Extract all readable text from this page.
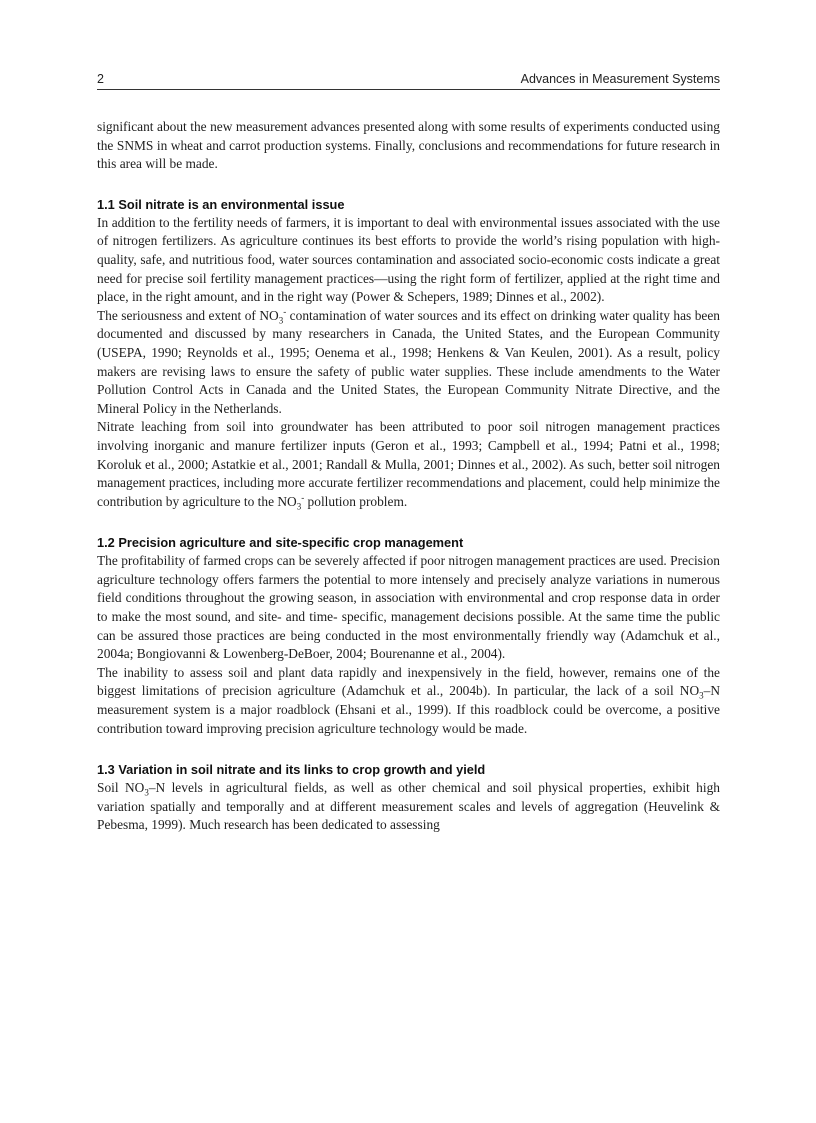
2	Advances in Measurement Systems

significant about the new measurement advances presented along with some results of experiments conducted using the SNMS in wheat and carrot production systems. Finally, conclusions and recommendations for future research in this area will be made.

1.1 Soil nitrate is an environmental issue

In addition to the fertility needs of farmers, it is important to deal with environmental issues associated with the use of nitrogen fertilizers. As agriculture continues its best efforts to provide the world’s rising population with high-quality, safe, and nutritious food, water sources contamination and associated socio-economic costs indicate a great need for precise soil fertility management practices—using the right form of fertilizer, applied at the right time and place, in the right amount, and in the right way (Power & Schepers, 1989; Dinnes et al., 2002).

The seriousness and extent of $NO_3^-$ contamination of water sources and its effect on drinking water quality has been documented and discussed by many researchers in Canada, the United States, and the European Community (USEPA, 1990; Reynolds et al., 1995; Oenema et al., 1998; Henkens & Van Keulen, 2001). As a result, policy makers are revising laws to ensure the safety of public water supplies. These include amendments to the Water Pollution Control Acts in Canada and the United States, the European Community Nitrate Directive, and the Mineral Policy in the Netherlands.

Nitrate leaching from soil into groundwater has been attributed to poor soil nitrogen management practices involving inorganic and manure fertilizer inputs (Geron et al., 1993; Campbell et al., 1994; Patni et al., 1998; Koroluk et al., 2000; Astatkie et al., 2001; Randall & Mulla, 2001; Dinnes et al., 2002). As such, better soil nitrogen management practices, including more accurate fertilizer recommendations and placement, could help minimize the contribution by agriculture to the $NO_3^-$ pollution problem.

1.2 Precision agriculture and site-specific crop management

The profitability of farmed crops can be severely affected if poor nitrogen management practices are used. Precision agriculture technology offers farmers the potential to more intensely and precisely analyze variations in numerous field conditions throughout the growing season, in association with environmental and crop response data in order to make the most sound, and site- and time- specific, management decisions possible. At the same time the public can be assured those practices are being conducted in the most environmentally friendly way (Adamchuk et al., 2004a; Bongiovanni & Lowenberg-DeBoer, 2004; Bourenanne et al., 2004).

The inability to assess soil and plant data rapidly and inexpensively in the field, however, remains one of the biggest limitations of precision agriculture (Adamchuk et al., 2004b). In particular, the lack of a soil $NO_3-N$ measurement system is a major roadblock (Ehsani et al., 1999). If this roadblock could be overcome, a positive contribution toward improving precision agriculture technology would be made.

1.3 Variation in soil nitrate and its links to crop growth and yield

Soil $NO_3-N$ levels in agricultural fields, as well as other chemical and soil physical properties, exhibit high variation spatially and temporally and at different measurement scales and levels of aggregation (Heuvelink & Pebesma, 1999). Much research has been dedicated to assessing
